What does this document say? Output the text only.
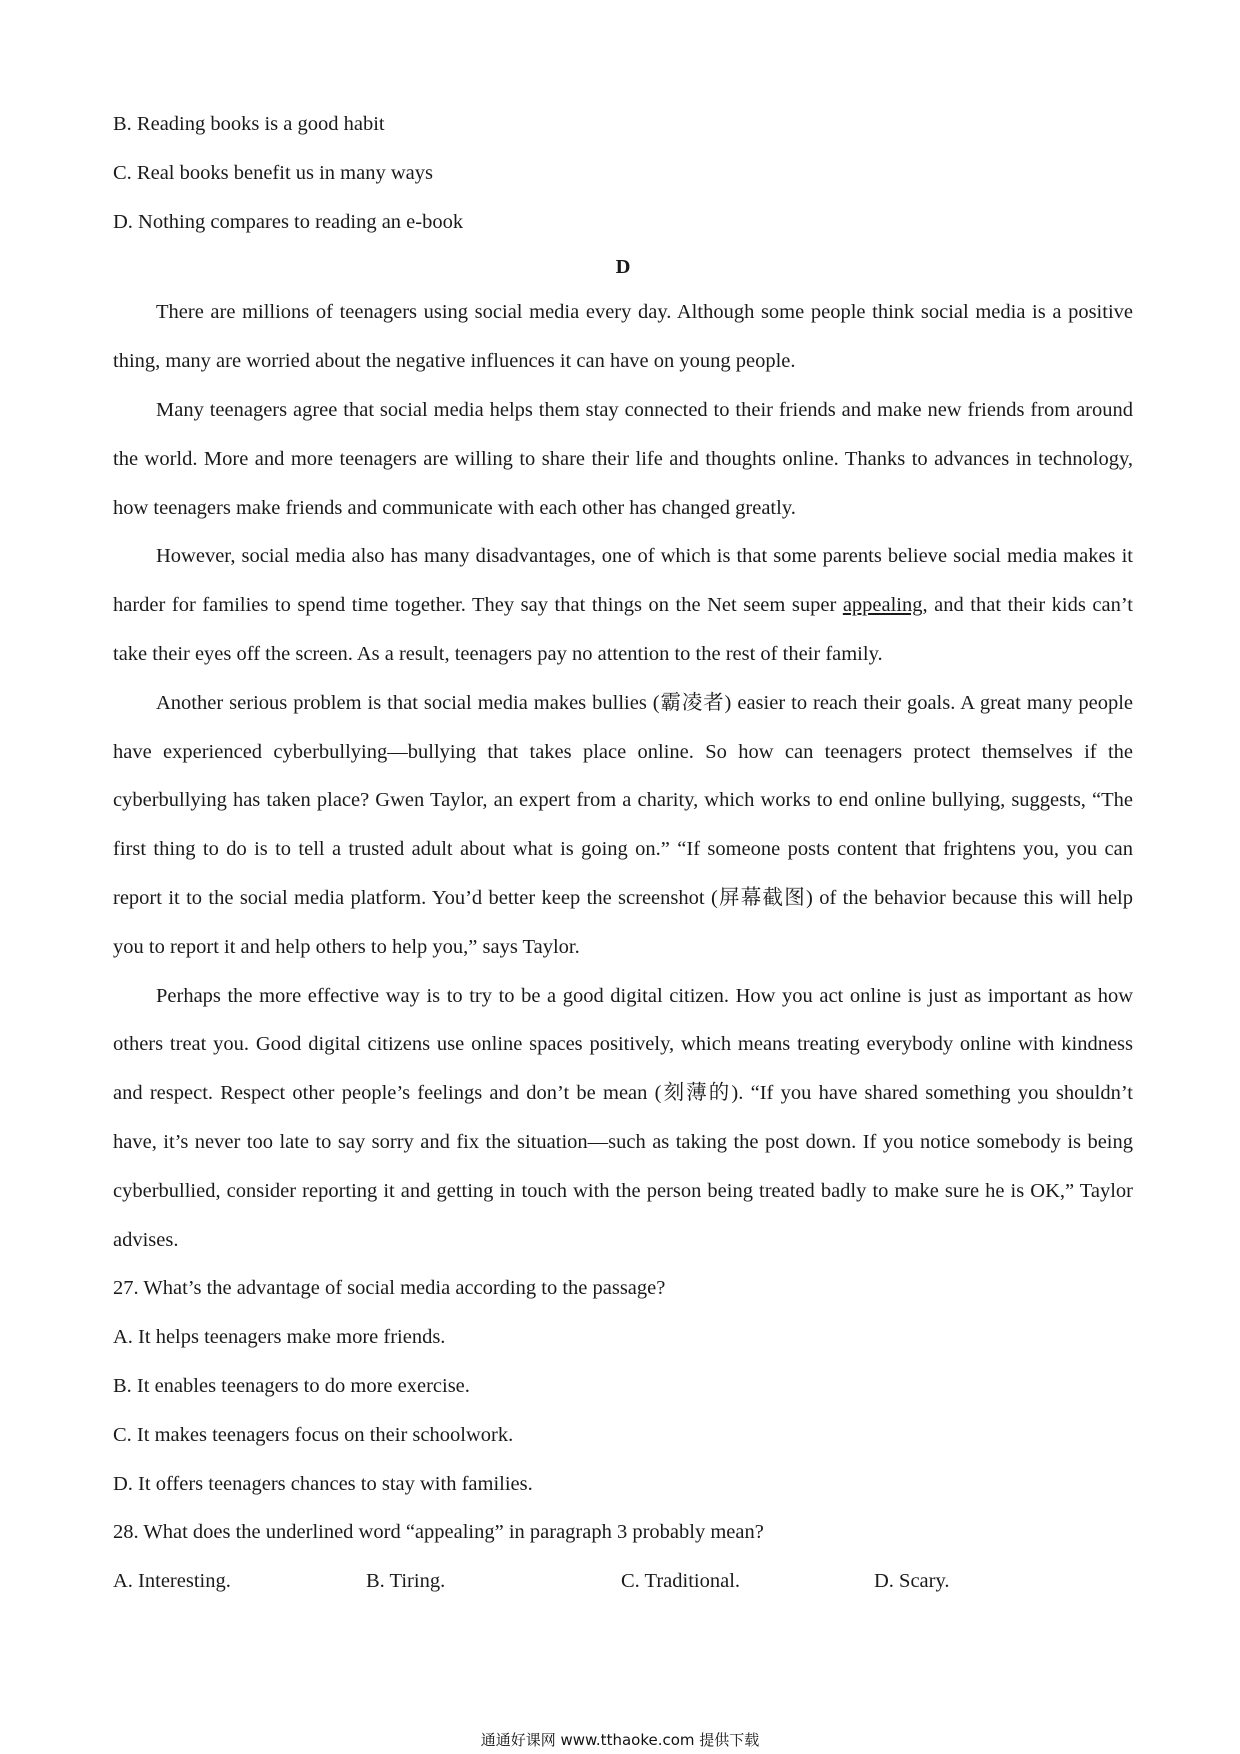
B. Reading books is a good habit

C. Real books benefit us in many ways

D. Nothing compares to reading an e-book

D

There are millions of teenagers using social media every day. Although some people think social media is a positive thing, many are worried about the negative influences it can have on young people.

Many teenagers agree that social media helps them stay connected to their friends and make new friends from around the world. More and more teenagers are willing to share their life and thoughts online. Thanks to advances in technology, how teenagers make friends and communicate with each other has changed greatly.

However, social media also has many disadvantages, one of which is that some parents believe social media makes it harder for families to spend time together. They say that things on the Net seem super appealing, and that their kids can’t take their eyes off the screen. As a result, teenagers pay no attention to the rest of their family.

Another serious problem is that social media makes bullies (霸凌者) easier to reach their goals. A great many people have experienced cyberbullying—bullying that takes place online. So how can teenagers protect themselves if the cyberbullying has taken place? Gwen Taylor, an expert from a charity, which works to end online bullying, suggests, “The first thing to do is to tell a trusted adult about what is going on.” “If someone posts content that frightens you, you can report it to the social media platform. You’d better keep the screenshot (屏幕截图) of the behavior because this will help you to report it and help others to help you,” says Taylor.

Perhaps the more effective way is to try to be a good digital citizen. How you act online is just as important as how others treat you. Good digital citizens use online spaces positively, which means treating everybody online with kindness and respect. Respect other people’s feelings and don’t be mean (刻薄的). “If you have shared something you shouldn’t have, it’s never too late to say sorry and fix the situation—such as taking the post down. If you notice somebody is being cyberbullied, consider reporting it and getting in touch with the person being treated badly to make sure he is OK,” Taylor advises.

27. What’s the advantage of social media according to the passage?

A. It helps teenagers make more friends.

B. It enables teenagers to do more exercise.

C. It makes teenagers focus on their schoolwork.

D. It offers teenagers chances to stay with families.

28. What does the underlined word “appealing” in paragraph 3 probably mean?

A. Interesting.	B. Tiring.	C. Traditional.	D. Scary.
通通好课网 www.tthaoke.com 提供下载
